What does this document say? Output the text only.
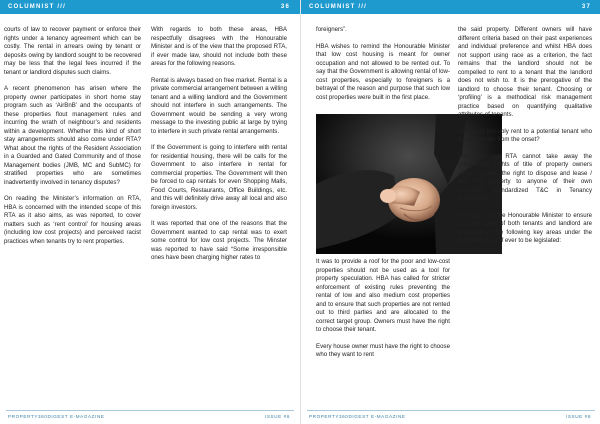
COLUMNIST ///	36

courts of law to recover payment or enforce their rights under a tenancy agreement which can be costly. The rental in arrears owing by tenant or deposits owing by landlord sought to be recovered may be less that the legal fees incurred if the tenant or landlord disputes such claims.

A recent phenomenon has arisen where the property owner participates in short home stay program such as ‘AirBnB’ and the occupants of these properties flout management rules and incurring the wrath of neighbour’s and residents within a development. Whether this kind of short stay arrangements should also come under RTA? What about the rights of the Resident Association in a Guarded and Gated Community and of those Management bodies (JMB, MC and SubMC) for stratified properties who are sometimes inadvertently involved in tenancy disputes?

On reading the Minister’s information on RTA, HBA is concerned with the intended scope of this RTA as it also aims, as was reported, to cover matters such as ‘rent control’ for housing areas (including low cost projects) and perceived racist practices when tenants try to rent properties.

With regards to both these areas, HBA respectfully disagrees with the Honourable Minister and is of the view that the proposed RTA, if ever made law, should not include both these areas for the following reasons.

Rental is always based on free market. Rental is a private commercial arrangement between a willing tenant and a willing landlord and the Government should not interfere in such arrangements. The Government would be sending a very wrong message to the investing public at large by trying to interfere in such private rental arrangements.

If the Government is going to interfere with rental for residential housing, there will be calls for the Government to also interfere in rental for commercial properties. The Government will then be forced to cap rentals for even Shopping Malls, Food Courts, Restaurants, Office Buildings, etc. and this will definitely drive away all local and also foreign investors.

It was reported that one of the reasons that the Government wanted to cap rental was to exert some control for low cost projects. The Minster was reported to have said “Some irresponsible ones have been charging higher rates to

PROPERTY360DIGEST E-MAGAZINE	ISSUE #6
COLUMNIST ///	37

foreigners”.

HBA wishes to remind the Honourable Minister that low cost housing is meant for owner occupation and not allowed to be rented out. To say that the Government is allowing rental of low-cost properties, especially to foreigners is a betrayal of the reason and purpose that such low cost properties were built in the first place.

It was to provide a roof for the poor and low-cost properties should not be used as a tool for property speculation. HBA has called for stricter enforcement of existing rules preventing the rental of low and also medium cost properties and to ensure that such properties are not rented out to third parties and are allocated to the correct target group. Owners must have the right to choose their tenant.

Every house owner must have the right to choose who they want to rent

the said property. Different owners will have different criteria based on their past experiences and individual preference and whilst HBA does not support using race as a criterion, the fact remains that the landlord should not be compelled to rent to a tenant that the landlord does not wish to. It is the prerogative of the landlord to choose their tenant. Choosing or ‘profiling’ is a methodical risk management practice based on quantifying qualitative attributes of tenants.

One can’t possibly rent to a potential tenant who is problematic from the onset?

The proposed RTA cannot take away the indefeasible rights of title of property owners which includes the right to dispose and lease / rent the property to anyone of their own choosing. Standardized T&C in Tenancy Agreement

HBA calls for the Honourable Minister to ensure that the rights of both tenants and landlord are protected in the following key areas under the proposed RTA, if ever to be legislated:

PROPERTY360DIGEST E-MAGAZINE	ISSUE #6
